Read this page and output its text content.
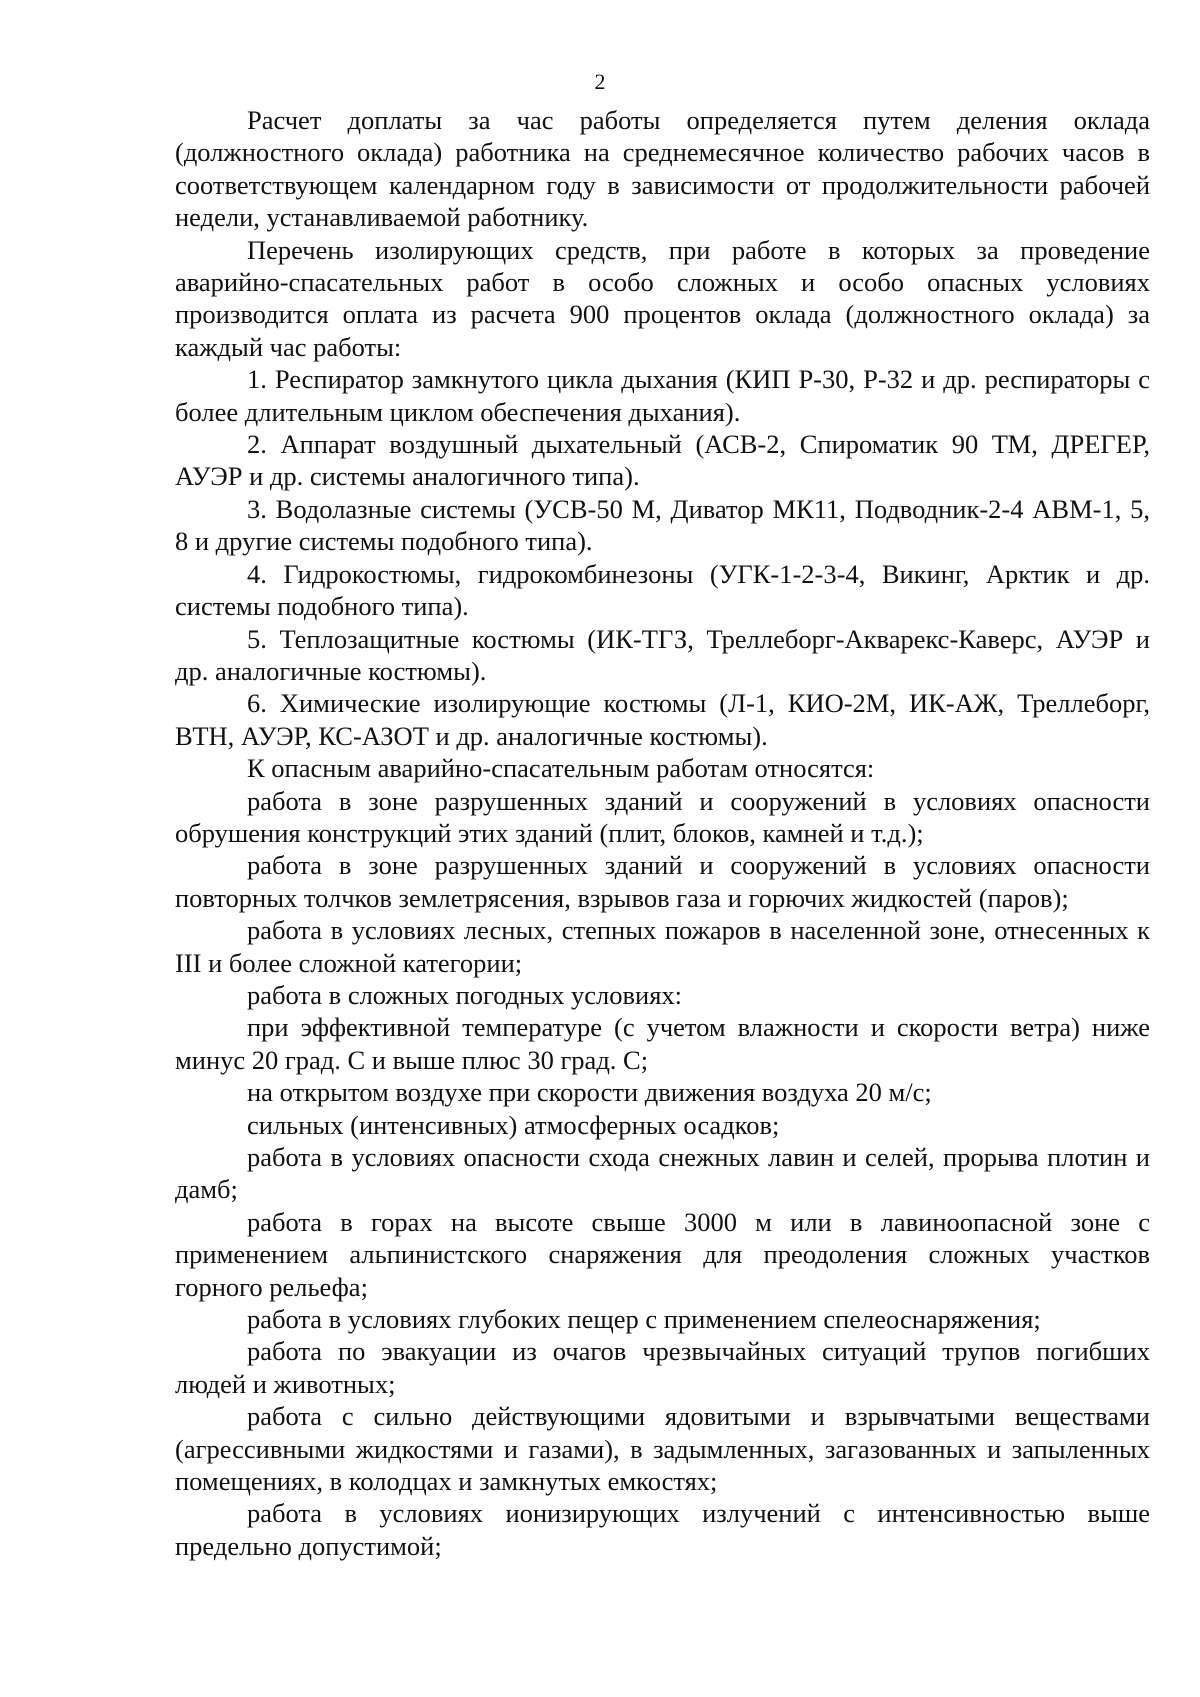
2

Расчет доплаты за час работы определяется путем деления оклада (должностного оклада) работника на среднемесячное количество рабочих часов в соответствующем календарном году в зависимости от продолжительности рабочей недели, устанавливаемой работнику.

Перечень изолирующих средств, при работе в которых за проведение аварийно-спасательных работ в особо сложных и особо опасных условиях производится оплата из расчета 900 процентов оклада (должностного оклада) за каждый час работы:

1. Респиратор замкнутого цикла дыхания (КИП Р-30, Р-32 и др. респираторы с более длительным циклом обеспечения дыхания).

2. Аппарат воздушный дыхательный (АСВ-2, Спироматик 90 ТМ, ДРЕГЕР, АУЭР и др. системы аналогичного типа).

3. Водолазные системы (УСВ-50 М, Диватор МК11, Подводник-2-4 АВМ-1, 5, 8 и другие системы подобного типа).

4. Гидрокостюмы, гидрокомбинезоны (УГК-1-2-3-4, Викинг, Арктик и др. системы подобного типа).

5. Теплозащитные костюмы (ИК-ТГЗ, Треллеборг-Акварекс-Каверс, АУЭР и др. аналогичные костюмы).

6. Химические изолирующие костюмы (Л-1, КИО-2М, ИК-АЖ, Треллеборг, ВТН, АУЭР, КС-АЗОТ и др. аналогичные костюмы).

К опасным аварийно-спасательным работам относятся:

работа в зоне разрушенных зданий и сооружений в условиях опасности обрушения конструкций этих зданий (плит, блоков, камней и т.д.);

работа в зоне разрушенных зданий и сооружений в условиях опасности повторных толчков землетрясения, взрывов газа и горючих жидкостей (паров);

работа в условиях лесных, степных пожаров в населенной зоне, отнесенных к III и более сложной категории;

работа в сложных погодных условиях:

при эффективной температуре (с учетом влажности и скорости ветра) ниже минус 20 град. С и выше плюс 30 град. С;

на открытом воздухе при скорости движения воздуха 20 м/с;

сильных (интенсивных) атмосферных осадков;

работа в условиях опасности схода снежных лавин и селей, прорыва плотин и дамб;

работа в горах на высоте свыше 3000 м или в лавиноопасной зоне с применением альпинистского снаряжения для преодоления сложных участков горного рельефа;

работа в условиях глубоких пещер с применением спелеоснаряжения;

работа по эвакуации из очагов чрезвычайных ситуаций трупов погибших людей и животных;

работа с сильно действующими ядовитыми и взрывчатыми веществами (агрессивными жидкостями и газами), в задымленных, загазованных и запыленных помещениях, в колодцах и замкнутых емкостях;

работа в условиях ионизирующих излучений с интенсивностью выше предельно допустимой;
